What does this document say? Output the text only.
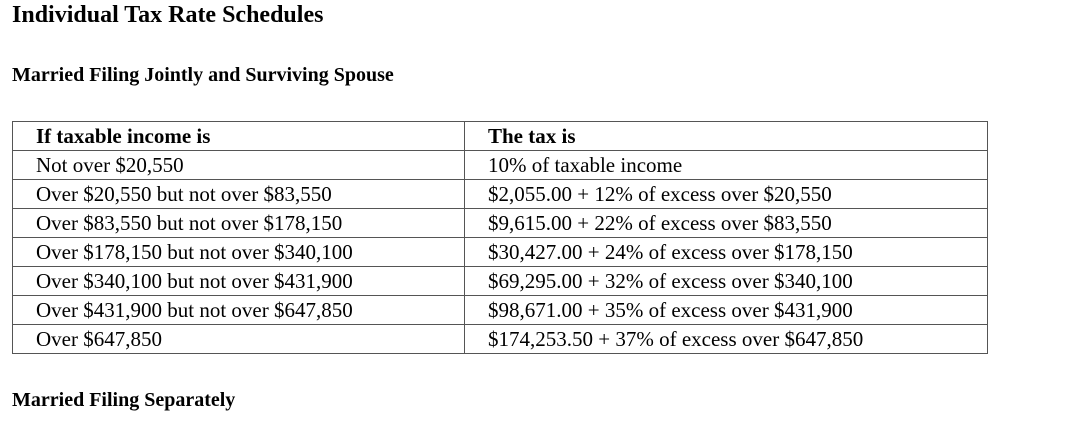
Individual Tax Rate Schedules
Married Filing Jointly and Surviving Spouse
If taxable income is	The tax is
Not over $20,550	10% of taxable income
Over $20,550 but not over $83,550	$2,055.00 + 12% of excess over $20,550
Over $83,550 but not over $178,150	$9,615.00 + 22% of excess over $83,550
Over $178,150 but not over $340,100	$30,427.00 + 24% of excess over $178,150
Over $340,100 but not over $431,900	$69,295.00 + 32% of excess over $340,100
Over $431,900 but not over $647,850	$98,671.00 + 35% of excess over $431,900
Over $647,850	$174,253.50 + 37% of excess over $647,850
Married Filing Separately
